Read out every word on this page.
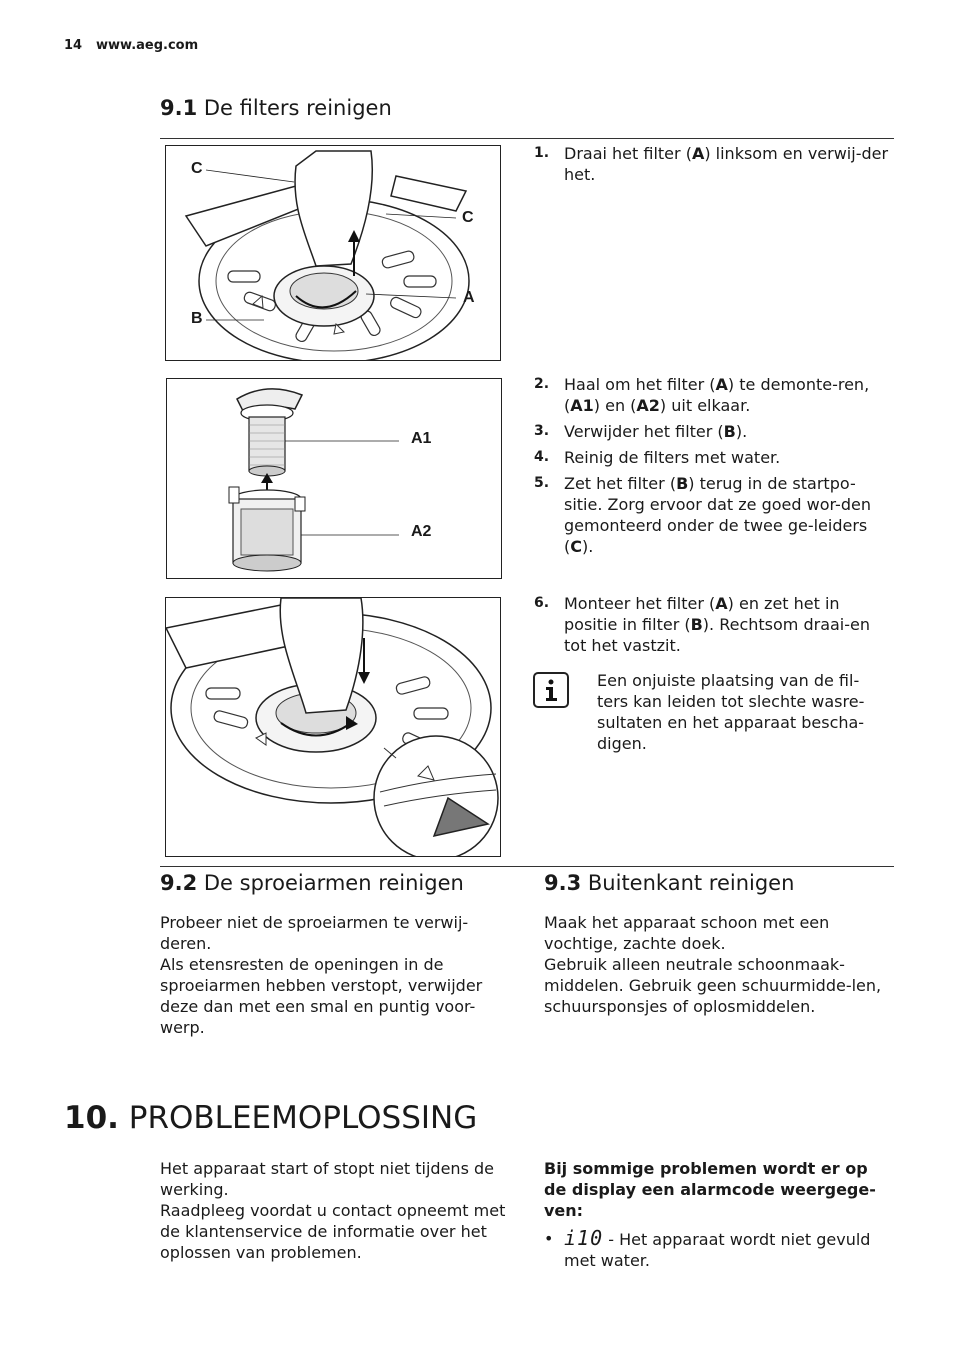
14 www.aeg.com
9.1 De filters reinigen
C
C
A
B
1. Draai het filter (A) linksom en verwij-der het.
A1
A2
2. Haal om het filter (A) te demonte-ren, (A1) en (A2) uit elkaar.
3. Verwijder het filter (B).
4. Reinig de filters met water.
5. Zet het filter (B) terug in de startpo-sitie. Zorg ervoor dat ze goed wor-den gemonteerd onder de twee ge-leiders (C).
6. Monteer het filter (A) en zet het in positie in filter (B). Rechtsom draai-en tot het vastzit.
Een onjuiste plaatsing van de fil-ters kan leiden tot slechte wasre-sultaten en het apparaat bescha-digen.
9.2 De sproeiarmen reinigen
Probeer niet de sproeiarmen te verwij-deren.
Als etensresten de openingen in de sproeiarmen hebben verstopt, verwijder deze dan met een smal en puntig voor-werp.
9.3 Buitenkant reinigen
Maak het apparaat schoon met een vochtige, zachte doek.
Gebruik alleen neutrale schoonmaak-middelen. Gebruik geen schuurmidde-len, schuursponsjes of oplosmiddelen.
10. PROBLEEMOPLOSSING
Het apparaat start of stopt niet tijdens de werking.
Raadpleeg voordat u contact opneemt met de klantenservice de informatie over het oplossen van problemen.
Bij sommige problemen wordt er op de display een alarmcode weergege-ven:
• i10 - Het apparaat wordt niet gevuld met water.
